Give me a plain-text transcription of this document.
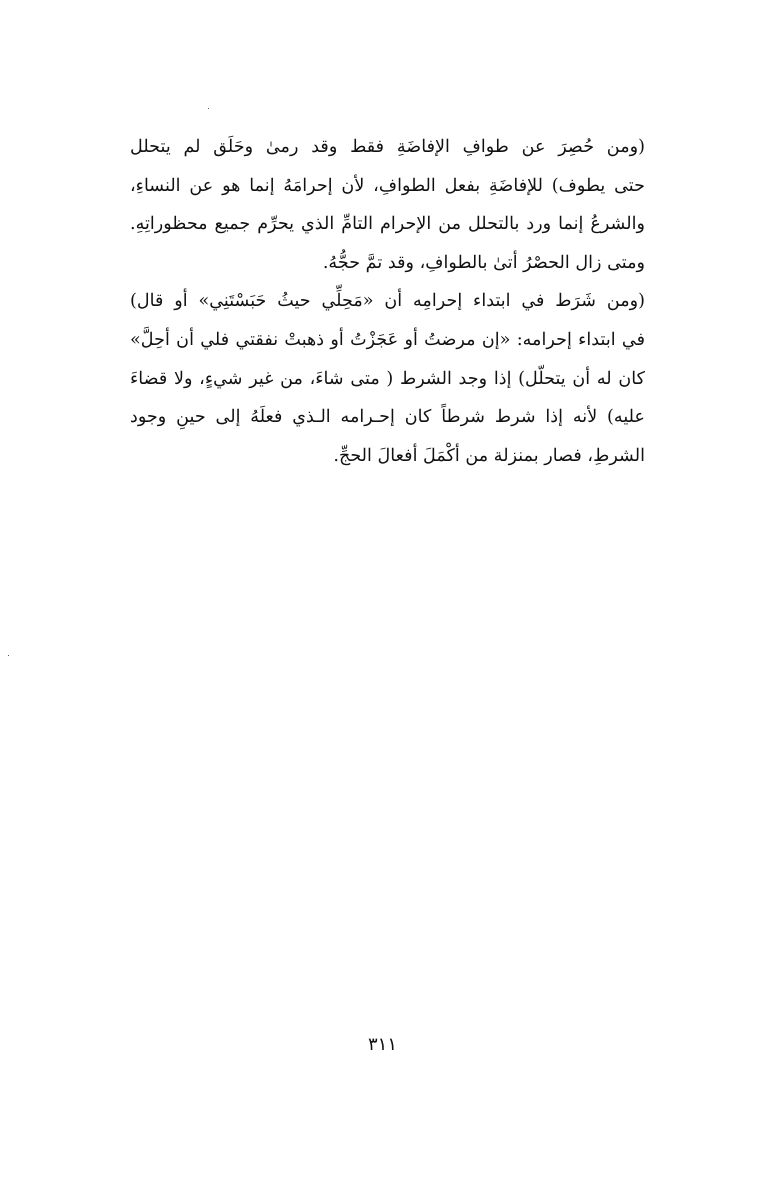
(ومن حُصِرَ عن طوافِ الإفاضَةِ فقط وقد رمىٰ وحَلَق لم يتحلل
حتى يطوف) للإفاضَةِ بفعل الطوافِ، لأن إحرامَهُ إنما هو عن النساءِ،
والشرعُ إنما ورد بالتحلل من الإحرام التامِّ الذي يحرِّم جميع محظوراتِهِ.
ومتى زال الحصْرُ أتىٰ بالطوافِ، وقد تمَّ حجُّهُ.
(ومن شَرَط في ابتداء إحرامِه أن «مَحِلِّي حيثُ حَبَسْتَنِي» أو قال)
في ابتداء إحرامه: «إن مرضتُ أو عَجَزْتُ أو ذهبتْ نفقتي فلي أن أحِلَّ»
كان له أن يتحلّل) إذا وجد الشرط ( متى شاءَ، من غير شيءٍ، ولا قضاءَ
عليه) لأنه إذا شرط شرطاً كان إحـرامه الـذي فعلَهُ إلى حينِ وجود
الشرطِ، فصار بمنزلة من أكْمَلَ أفعالَ الحجِّ.
٣١١
